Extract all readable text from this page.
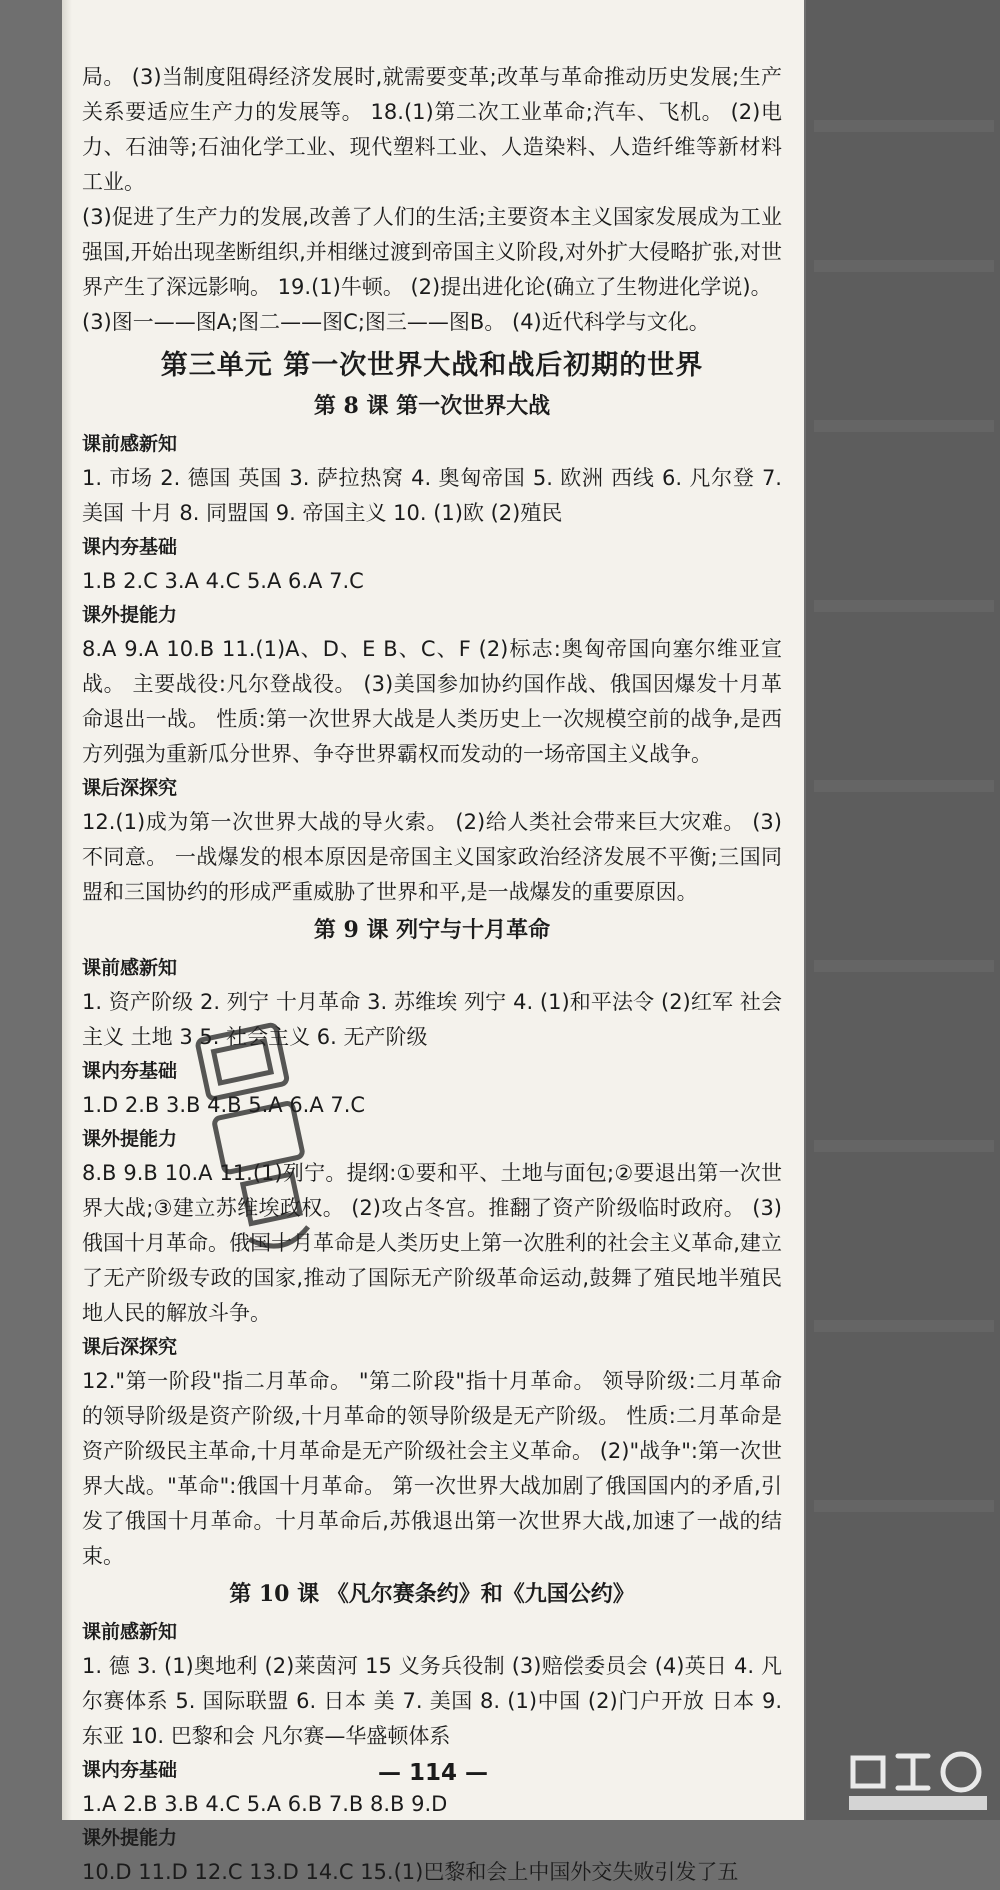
局。 (3)当制度阻碍经济发展时,就需要变革;改革与革命推动历史发展;生产关系要适应生产力的发展等。 18.(1)第二次工业革命;汽车、飞机。 (2)电力、石油等;石油化学工业、现代塑料工业、人造染料、人造纤维等新材料工业。

(3)促进了生产力的发展,改善了人们的生活;主要资本主义国家发展成为工业强国,开始出现垄断组织,并相继过渡到帝国主义阶段,对外扩大侵略扩张,对世界产生了深远影响。 19.(1)牛顿。 (2)提出进化论(确立了生物进化学说)。

(3)图一——图A;图二——图C;图三——图B。 (4)近代科学与文化。

第三单元 第一次世界大战和战后初期的世界
第 8 课 第一次世界大战

课前感新知

1. 市场 2. 德国 英国 3. 萨拉热窝 4. 奥匈帝国 5. 欧洲 西线 6. 凡尔登 7. 美国 十月 8. 同盟国 9. 帝国主义 10. (1)欧 (2)殖民

课内夯基础

1.B 2.C 3.A 4.C 5.A 6.A 7.C

课外提能力

8.A 9.A 10.B 11.(1)A、D、E B、C、F (2)标志:奥匈帝国向塞尔维亚宣战。 主要战役:凡尔登战役。 (3)美国参加协约国作战、俄国因爆发十月革命退出一战。 性质:第一次世界大战是人类历史上一次规模空前的战争,是西方列强为重新瓜分世界、争夺世界霸权而发动的一场帝国主义战争。

课后深探究

12.(1)成为第一次世界大战的导火索。 (2)给人类社会带来巨大灾难。 (3)不同意。 一战爆发的根本原因是帝国主义国家政治经济发展不平衡;三国同盟和三国协约的形成严重威胁了世界和平,是一战爆发的重要原因。

第 9 课 列宁与十月革命

课前感新知

1. 资产阶级 2. 列宁 十月革命 3. 苏维埃 列宁 4. (1)和平法令 (2)红军 社会主义 土地 3 5. 社会主义 6. 无产阶级

课内夯基础

1.D 2.B 3.B 4.B 5.A 6.A 7.C

课外提能力

8.B 9.B 10.A 11.(1)列宁。提纲:①要和平、土地与面包;②要退出第一次世界大战;③建立苏维埃政权。 (2)攻占冬宫。推翻了资产阶级临时政府。 (3)俄国十月革命。俄国十月革命是人类历史上第一次胜利的社会主义革命,建立了无产阶级专政的国家,推动了国际无产阶级革命运动,鼓舞了殖民地半殖民地人民的解放斗争。

课后深探究

12."第一阶段"指二月革命。 "第二阶段"指十月革命。 领导阶级:二月革命的领导阶级是资产阶级,十月革命的领导阶级是无产阶级。 性质:二月革命是资产阶级民主革命,十月革命是无产阶级社会主义革命。 (2)"战争":第一次世界大战。"革命":俄国十月革命。 第一次世界大战加剧了俄国国内的矛盾,引发了俄国十月革命。十月革命后,苏俄退出第一次世界大战,加速了一战的结束。

第 10 课 《凡尔赛条约》和《九国公约》

课前感新知

1. 德 3. (1)奥地利 (2)莱茵河 15 义务兵役制 (3)赔偿委员会 (4)英日 4. 凡尔赛体系 5. 国际联盟 6. 日本 美 7. 美国 8. (1)中国 (2)门户开放 日本 9. 东亚 10. 巴黎和会 凡尔赛—华盛顿体系

课内夯基础

1.A 2.B 3.B 4.C 5.A 6.B 7.B 8.B 9.D

课外提能力

10.D 11.D 12.C 13.D 14.C 15.(1)巴黎和会上中国外交失败引发了五

— 114 —
